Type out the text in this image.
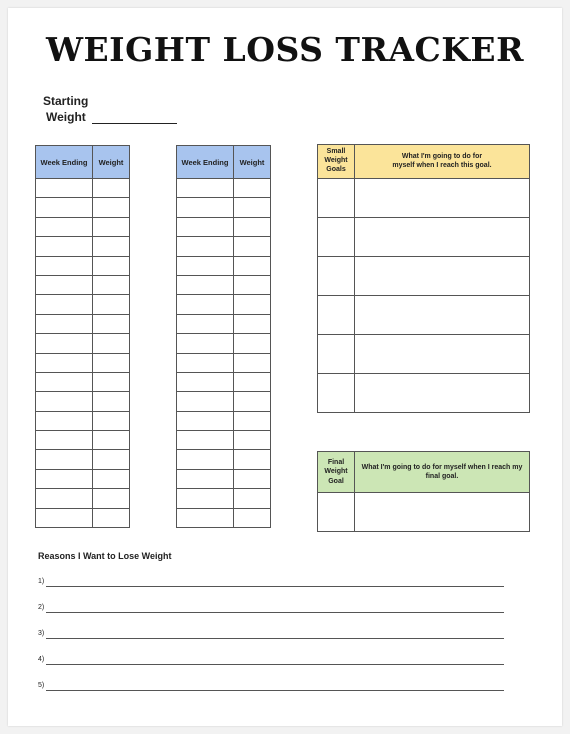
WEIGHT LOSS TRACKER
Starting
Weight
Week Ending	Weight

		Week Ending	Weight

Small Weight Goals	What I'm going to do for
myself when I reach this goal.

Final Weight Goal	What I'm going to do for myself when I reach my
final goal.

Reasons I Want to Lose Weight
1)
2)
3)
4)
5)
